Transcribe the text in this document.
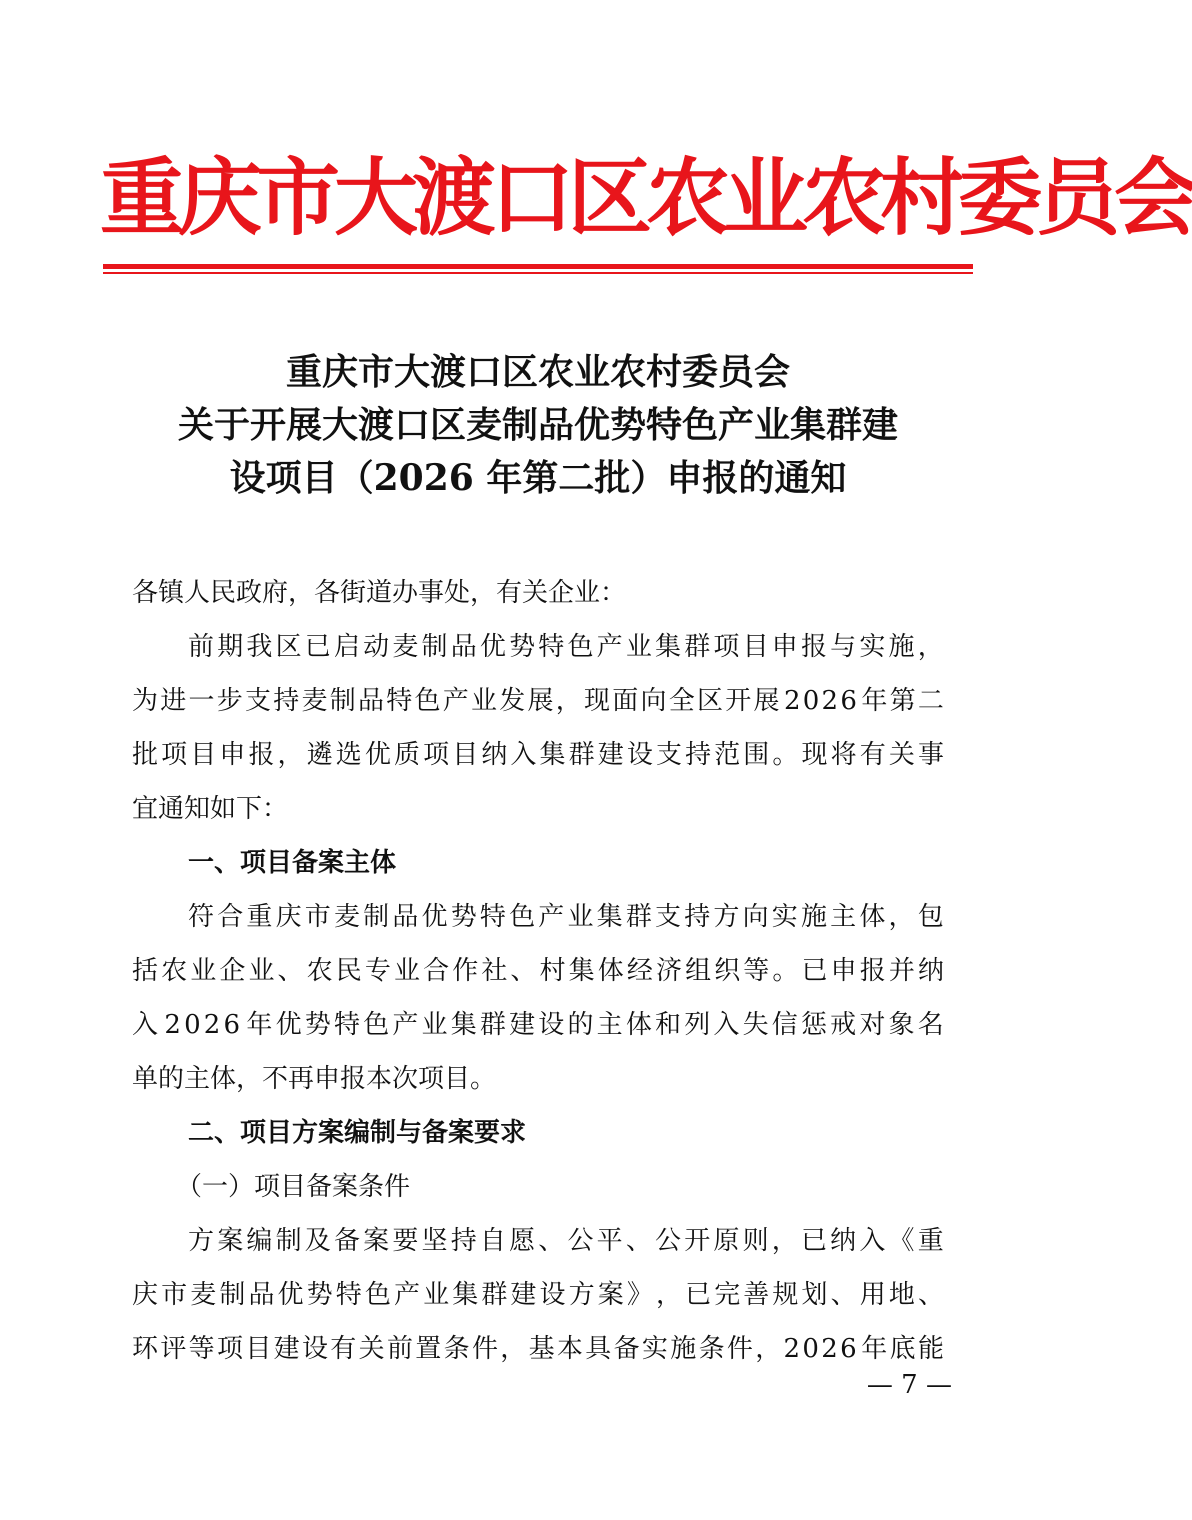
重庆市大渡口区农业农村委员会
重庆市大渡口区农业农村委员会
关于开展大渡口区麦制品优势特色产业集群建
设项目（2026 年第二批）申报的通知
各镇人民政府，各街道办事处，有关企业：
前 期 我 区 已 启 动 麦 制 品 优 势 特 色 产 业 集 群 项 目 申 报 与 实 施 ，
为 进 一 步 支 持 麦 制 品 特 色 产 业 发 展 ， 现 面 向 全 区 开 展 2 0 2 6 年 第 二
批 项 目 申 报 ， 遴 选 优 质 项 目 纳 入 集 群 建 设 支 持 范 围 。 现 将 有 关 事
宜通知如下：
一、项目备案主体
符 合 重 庆 市 麦 制 品 优 势 特 色 产 业 集 群 支 持 方 向 实 施 主 体 ， 包
括 农 业 企 业 、 农 民 专 业 合 作 社 、 村 集 体 经 济 组 织 等 。 已 申 报 并 纳
入 2 0 2 6 年 优 势 特 色 产 业 集 群 建 设 的 主 体 和 列 入 失 信 惩 戒 对 象 名
单的主体，不再申报本次项目。
二、项目方案编制与备案要求
（一）项目备案条件
方 案 编 制 及 备 案 要 坚 持 自 愿 、 公 平 、 公 开 原 则 ， 已 纳 入 《 重
庆 市 麦 制 品 优 势 特 色 产 业 集 群 建 设 方 案 》 ， 已 完 善 规 划 、 用 地 、
环 评 等 项 目 建 设 有 关 前 置 条 件 ， 基 本 具 备 实 施 条 件 ， 2 0 2 6 年 底 能
— 7 —
